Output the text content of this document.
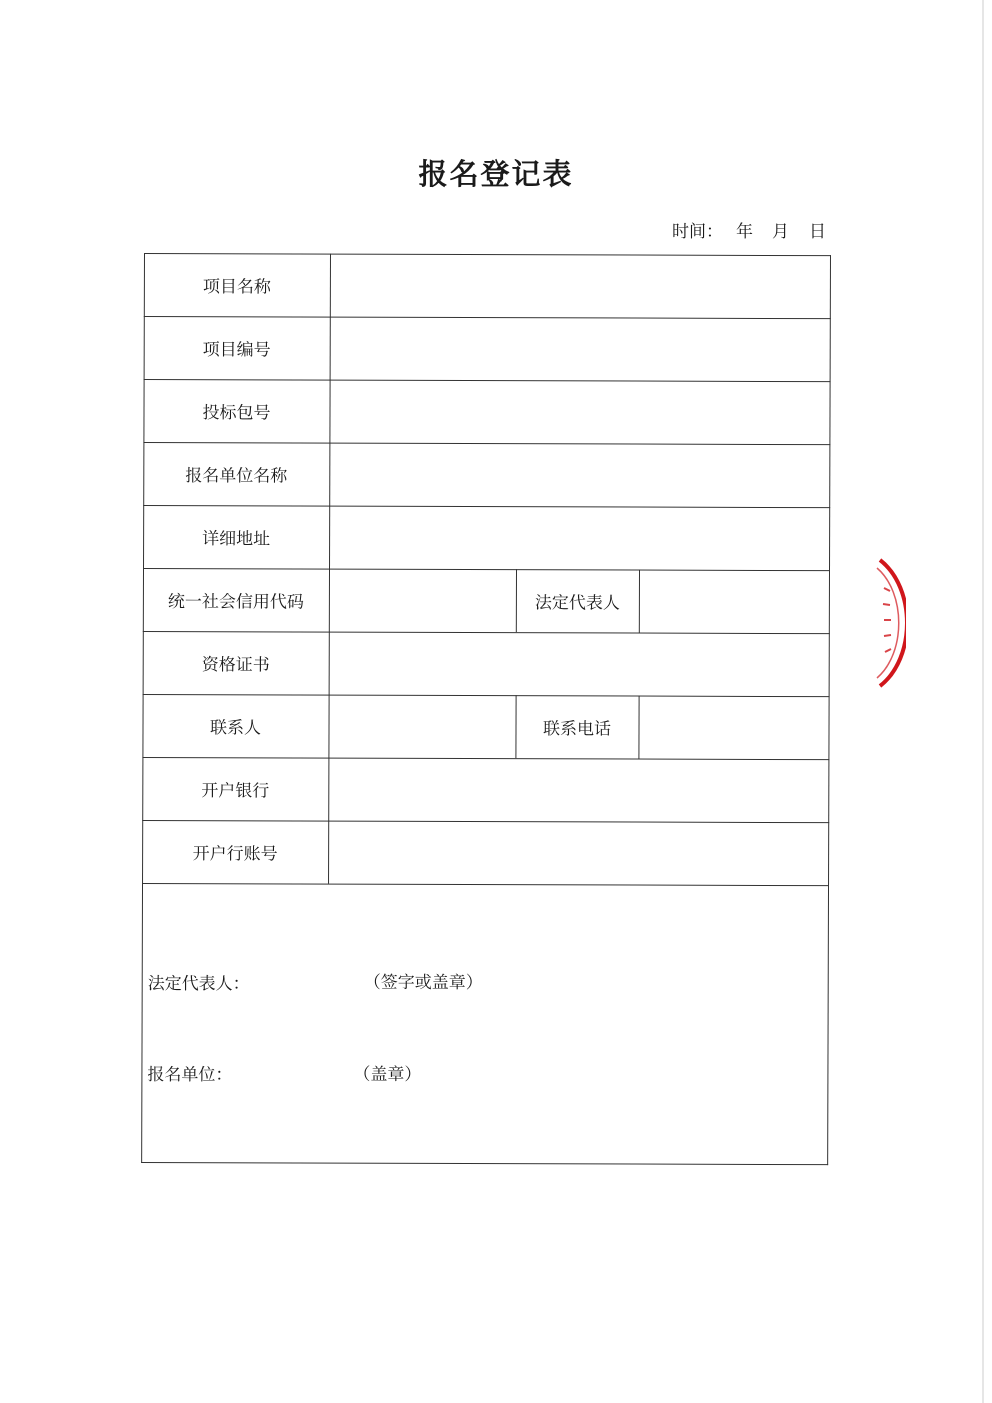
报名登记表
时间： 年 月 日
项目名称
项目编号
投标包号
报名单位名称
详细地址
统一社会信用代码	法定代表人
资格证书
联系人	联系电话
开户银行
开户行账号
法定代表人：	（签字或盖章）
报名单位：	（盖章）
